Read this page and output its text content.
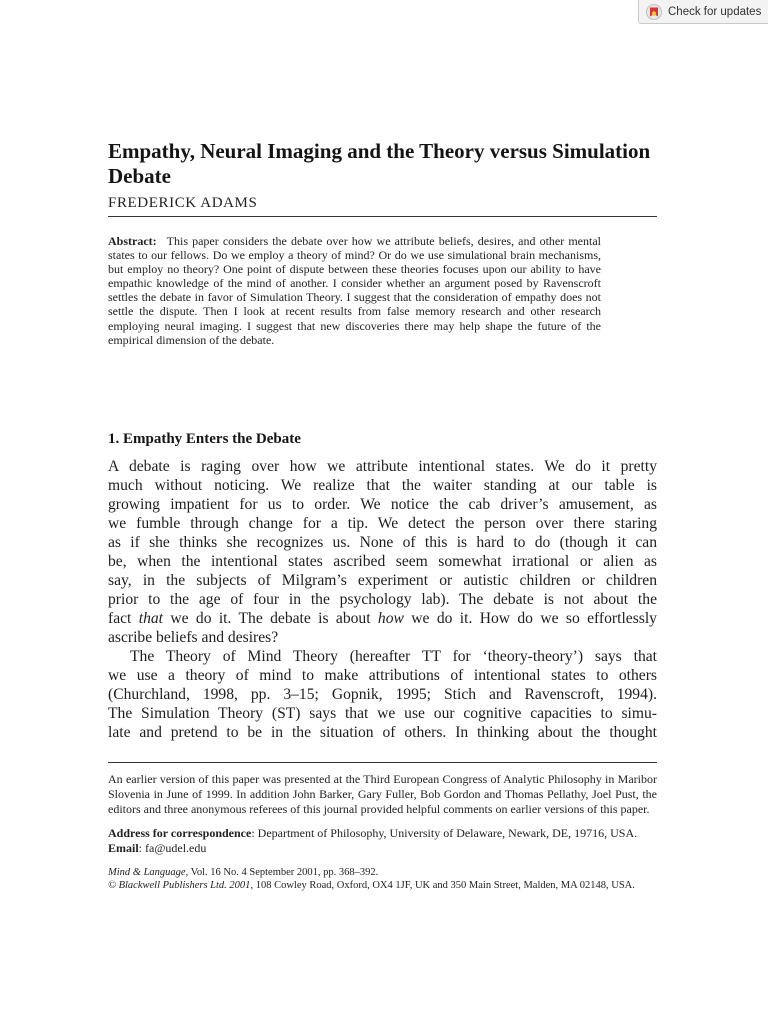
Check for updates
Empathy, Neural Imaging and the Theory versus Simulation Debate
FREDERICK ADAMS
Abstract: This paper considers the debate over how we attribute beliefs, desires, and other mental states to our fellows. Do we employ a theory of mind? Or do we use simulational brain mechanisms, but employ no theory? One point of dispute between these theories focuses upon our ability to have empathic knowledge of the mind of another. I consider whether an argument posed by Ravenscroft settles the debate in favor of Simulation Theory. I suggest that the consideration of empathy does not settle the dispute. Then I look at recent results from false memory research and other research employing neural imaging. I suggest that new discoveries there may help shape the future of the empirical dimension of the debate.
1. Empathy Enters the Debate

A debate is raging over how we attribute intentional states. We do it pretty

much without noticing. We realize that the waiter standing at our table is

growing impatient for us to order. We notice the cab driver’s amusement, as

we fumble through change for a tip. We detect the person over there staring

as if she thinks she recognizes us. None of this is hard to do (though it can

be, when the intentional states ascribed seem somewhat irrational or alien as

say, in the subjects of Milgram’s experiment or autistic children or children

prior to the age of four in the psychology lab). The debate is not about the

fact that we do it. The debate is about how we do it. How do we so effortlessly

ascribe beliefs and desires?

The Theory of Mind Theory (hereafter TT for ‘theory-theory’) says that

we use a theory of mind to make attributions of intentional states to others

(Churchland, 1998, pp. 3–15; Gopnik, 1995; Stich and Ravenscroft, 1994).

The Simulation Theory (ST) says that we use our cognitive capacities to simu-

late and pretend to be in the situation of others. In thinking about the thought

An earlier version of this paper was presented at the Third European Congress of Analytic Philosophy in Maribor Slovenia in June of 1999. In addition John Barker, Gary Fuller, Bob Gordon and Thomas Pellathy, Joel Pust, the editors and three anonymous referees of this journal provided helpful comments on earlier versions of this paper.

Address for correspondence: Department of Philosophy, University of Delaware, Newark, DE, 19716, USA.

Email: fa@udel.edu

Mind & Language, Vol. 16 No. 4 September 2001, pp. 368–392.
© Blackwell Publishers Ltd. 2001, 108 Cowley Road, Oxford, OX4 1JF, UK and 350 Main Street, Malden, MA 02148, USA.
